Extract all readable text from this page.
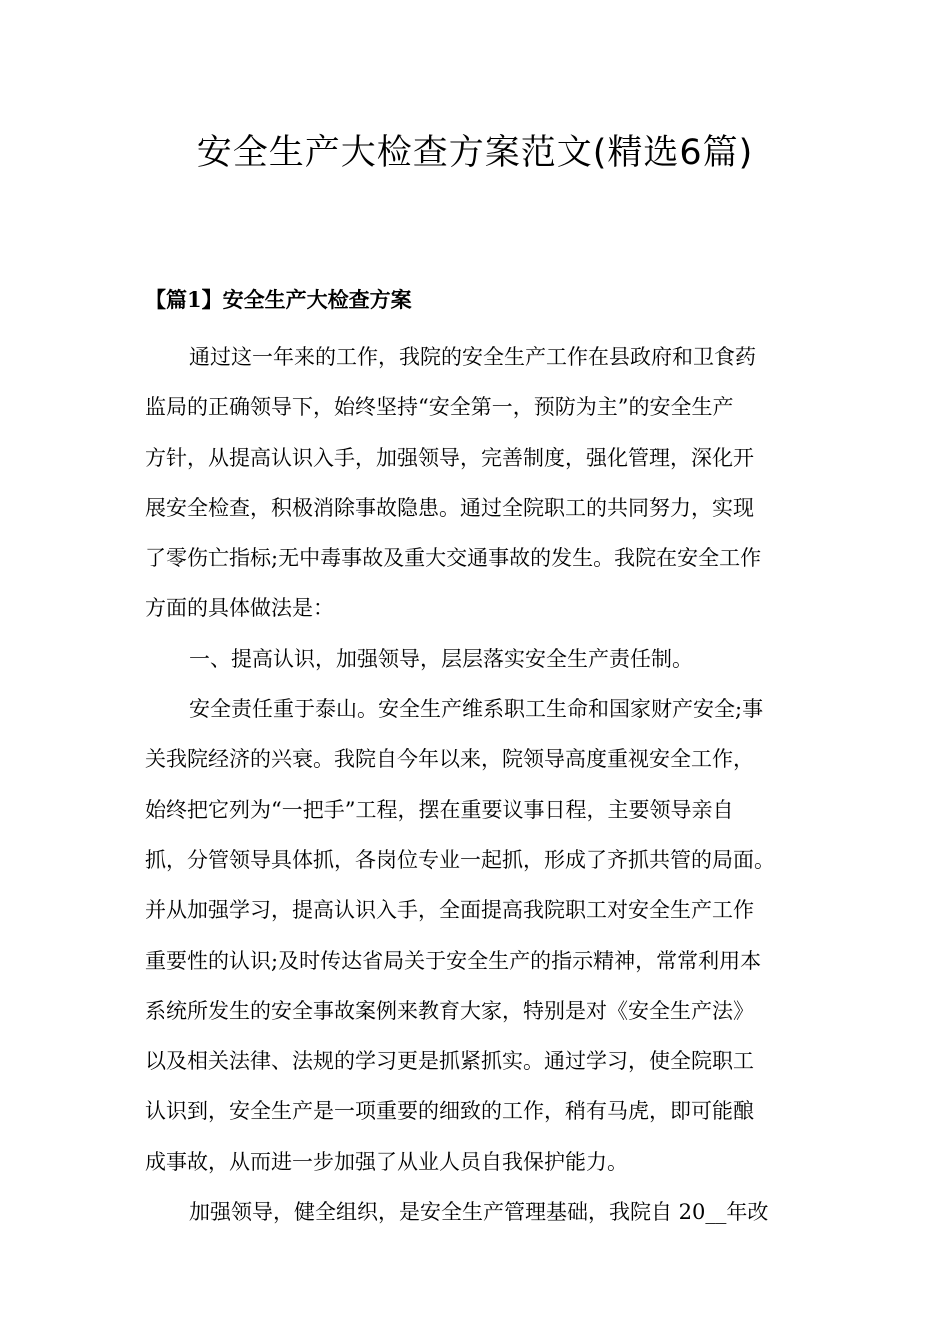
安全生产大检查方案范文(精选6篇)
【篇1】安全生产大检查方案
通过这一年来的工作，我院的安全生产工作在县政府和卫食药
监局的正确领导下，始终坚持“安全第一，预防为主”的安全生产
方针，从提高认识入手，加强领导，完善制度，强化管理，深化开
展安全检查，积极消除事故隐患。通过全院职工的共同努力，实现
了零伤亡指标;无中毒事故及重大交通事故的发生。我院在安全工作
方面的具体做法是：
一、提高认识，加强领导，层层落实安全生产责任制。
安全责任重于泰山。安全生产维系职工生命和国家财产安全;事
关我院经济的兴衰。我院自今年以来，院领导高度重视安全工作，
始终把它列为“一把手”工程，摆在重要议事日程，主要领导亲自
抓，分管领导具体抓，各岗位专业一起抓，形成了齐抓共管的局面。
并从加强学习，提高认识入手，全面提高我院职工对安全生产工作
重要性的认识;及时传达省局关于安全生产的指示精神，常常利用本
系统所发生的安全事故案例来教育大家，特别是对《安全生产法》
以及相关法律、法规的学习更是抓紧抓实。通过学习，使全院职工
认识到，安全生产是一项重要的细致的工作，稍有马虎，即可能酿
成事故，从而进一步加强了从业人员自我保护能力。
加强领导，健全组织，是安全生产管理基础，我院自 20__年改
